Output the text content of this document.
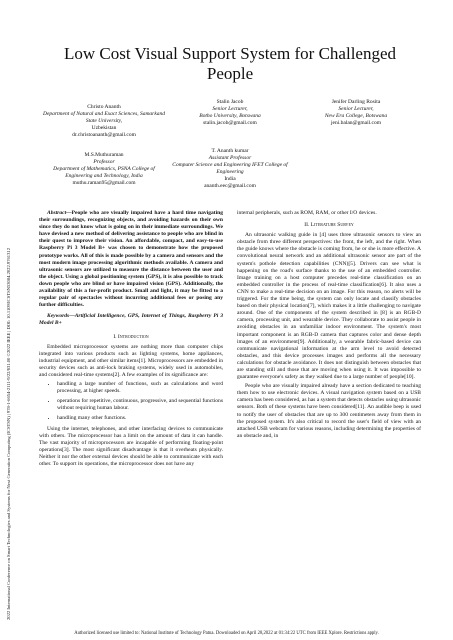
2022 International Conference on Smart Technologies and Systems for Next Generation Computing (ICSTSN) | 978-1-6654-2111-9/22/$31.00 ©2022 IEEE | DOI: 10.1109/ICSTSN53084.2022.9761312
Low Cost Visual Support System for Challenged People
Christo Ananth
Department of Natural and Exact Sciences, Samarkand State University,
Uzbekistan
dr.christoananth@gmail.com
Stalin Jacob
Senior Lecturer,
Botho University, Botswana
stalin.jacob@gmail.com
Jenifer Darling Rosita
Senior Lecturer,
New Era College, Botswana
jeni.balan@gmail.com
M.S.Muthuraman
Professor
Department of Mathematics, PSNA College of Engineering and Technology, India
muthu.raman95@gmail.com
T. Ananth kumar
Assistant Professor
Computer Science and Engineering IFET College of Engineering
India
ananth.eec@gmail.com
Abstract—People who are visually impaired have a hard time navigating their surroundings, recognizing objects, and avoiding hazards on their own since they do not know what is going on in their immediate surroundings. We have devised a new method of delivering assistance to people who are blind in their quest to improve their vision. An affordable, compact, and easy-to-use Raspberry Pi 3 Model B+ was chosen to demonstrate how the proposed prototype works. All of this is made possible by a camera and sensors and the most modern image processing algorithmic methods available. A camera and ultrasonic sensors are utilized to measure the distance between the user and the object. Using a global positioning system (GPS), it is also possible to track down people who are blind or have impaired vision (GPS). Additionally, the availability of this a for-profit product. Small and light, it may be fitted to a regular pair of spectacles without incurring additional fees or posing any further difficulties.
Keywords—Artificial Intelligence, GPS, Internet of Things, Raspberry Pi 3 Model B+
I. Introduction

Embedded microprocessor systems are nothing more than computer chips integrated into various products such as lighting systems, home appliances, industrial equipment, and other similar items[1]. Microprocessors are embedded in security devices such as anti-lock braking systems, widely used in automobiles, and considered real-time systems[2]. A few examples of its significance are:

• handling a large number of functions, such as calculations and word processing, at higher speeds.
• operations for repetitive, continuous, progressive, and sequential functions without requiring human labour.
• handling many other functions.

Using the internet, telephones, and other interfacing devices to communicate with others. The microprocessor has a limit on the amount of data it can handle. The vast majority of microprocessors are incapable of performing floating-point operations[3]. The most significant disadvantage is that it overheats physically. Neither it nor the other external devices should be able to communicate with each other. To support its operations, the microprocessor does not have any

internal peripherals, such as ROM, RAM, or other I/O devices.

II. Literature Survey

An ultrasonic walking guide in [4] uses three ultrasonic sensors to view an obstacle from three different perspectives: the front, the left, and the right. When the guide knows where the obstacle is coming from, he or she is more effective. A convolutional neural network and an additional ultrasonic sensor are part of the system's pothole detection capabilities (CNN)[5]. Drivers can see what is happening on the road's surface thanks to the use of an embedded controller. Image training on a host computer precedes real-time classification on an embedded controller in the process of real-time classification[6]. It also uses a CNN to make a real-time decision on an image. For this reason, no alerts will be triggered. For the time being, the system can only locate and classify obstacles based on their physical location[7], which makes it a little challenging to navigate around. One of the components of the system described in [8] is an RGB-D camera, processing unit, and wearable device. They collaborate to assist people in avoiding obstacles in an unfamiliar indoor environment. The system's most important component is an RGB-D camera that captures color and dense depth images of an environment[9]. Additionally, a wearable fabric-based device can communicate navigational information at the arm level to avoid detected obstacles, and this device processes images and performs all the necessary calculations for obstacle avoidance. It does not distinguish between obstacles that are standing still and those that are moving when using it. It was impossible to guarantee everyone's safety as they walked due to a large number of people[10].

People who are visually impaired already have a section dedicated to teaching them how to use electronic devices. A visual navigation system based on a USB camera has been considered, as has a system that detects obstacles using ultrasonic sensors. Both of these systems have been considered[11]. An audible beep is used to notify the user of obstacles that are up to 300 centimeters away from them in the proposed system. It's also critical to record the user's field of view with an attached USB webcam for various reasons, including determining the properties of an obstacle and, in

Authorized licensed use limited to: National Institute of Technology Patna. Downloaded on April 28,2022 at 01:34:22 UTC from IEEE Xplore. Restrictions apply.
